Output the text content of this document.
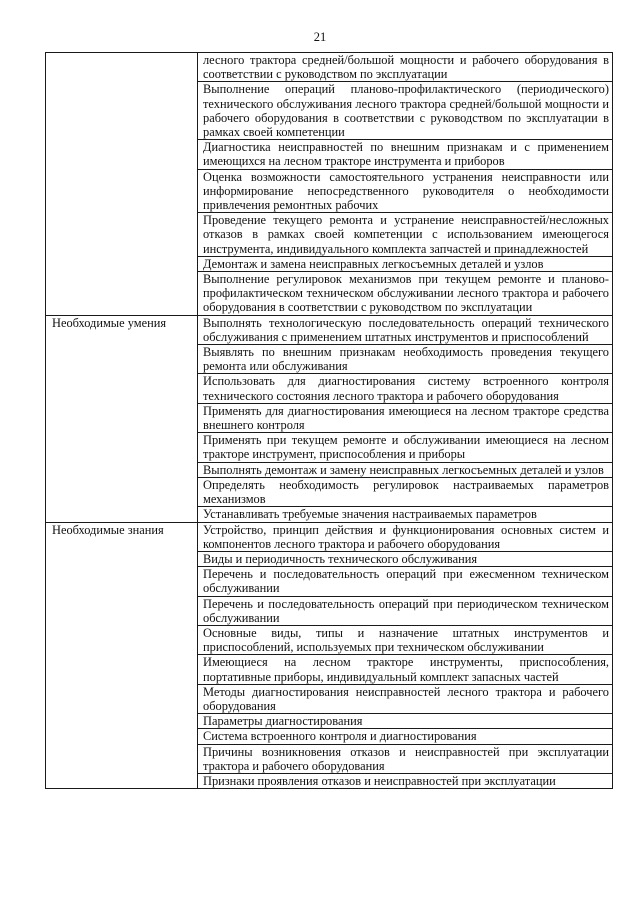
21
	лесного трактора средней/большой мощности и рабочего оборудования в соответствии с руководством по эксплуатации
	Выполнение операций планово-профилактического (периодического) технического обслуживания лесного трактора средней/большой мощности и рабочего оборудования в соответствии с руководством по эксплуатации в рамках своей компетенции
	Диагностика неисправностей по внешним признакам и с применением имеющихся на лесном тракторе инструмента и приборов
	Оценка возможности самостоятельного устранения неисправности или информирование непосредственного руководителя о необходимости привлечения ремонтных рабочих
	Проведение текущего ремонта и устранение неисправностей/несложных отказов в рамках своей компетенции с использованием имеющегося инструмента, индивидуального комплекта запчастей и принадлежностей
	Демонтаж и замена неисправных легкосъемных деталей и узлов
	Выполнение регулировок механизмов при текущем ремонте и планово-профилактическом техническом обслуживании лесного трактора и рабочего оборудования в соответствии с руководством по эксплуатации
Необходимые умения	Выполнять технологическую последовательность операций технического обслуживания с применением штатных инструментов и приспособлений
	Выявлять по внешним признакам необходимость проведения текущего ремонта или обслуживания
	Использовать для диагностирования систему встроенного контроля технического состояния лесного трактора и рабочего оборудования
	Применять для диагностирования имеющиеся на лесном тракторе средства внешнего контроля
	Применять при текущем ремонте и обслуживании имеющиеся на лесном тракторе инструмент, приспособления и приборы
	Выполнять демонтаж и замену неисправных легкосъемных деталей и узлов
	Определять необходимость регулировок настраиваемых параметров механизмов
	Устанавливать требуемые значения настраиваемых параметров
Необходимые знания	Устройство, принцип действия и функционирования основных систем и компонентов лесного трактора и рабочего оборудования
	Виды и периодичность технического обслуживания
	Перечень и последовательность операций при ежесменном техническом обслуживании
	Перечень и последовательность операций при периодическом техническом обслуживании
	Основные виды, типы и назначение штатных инструментов и приспособлений, используемых при техническом обслуживании
	Имеющиеся на лесном тракторе инструменты, приспособления, портативные приборы, индивидуальный комплект запасных частей
	Методы диагностирования неисправностей лесного трактора и рабочего оборудования
	Параметры диагностирования
	Система встроенного контроля и диагностирования
	Причины возникновения отказов и неисправностей при эксплуатации трактора и рабочего оборудования
	Признаки проявления отказов и неисправностей при эксплуатации
